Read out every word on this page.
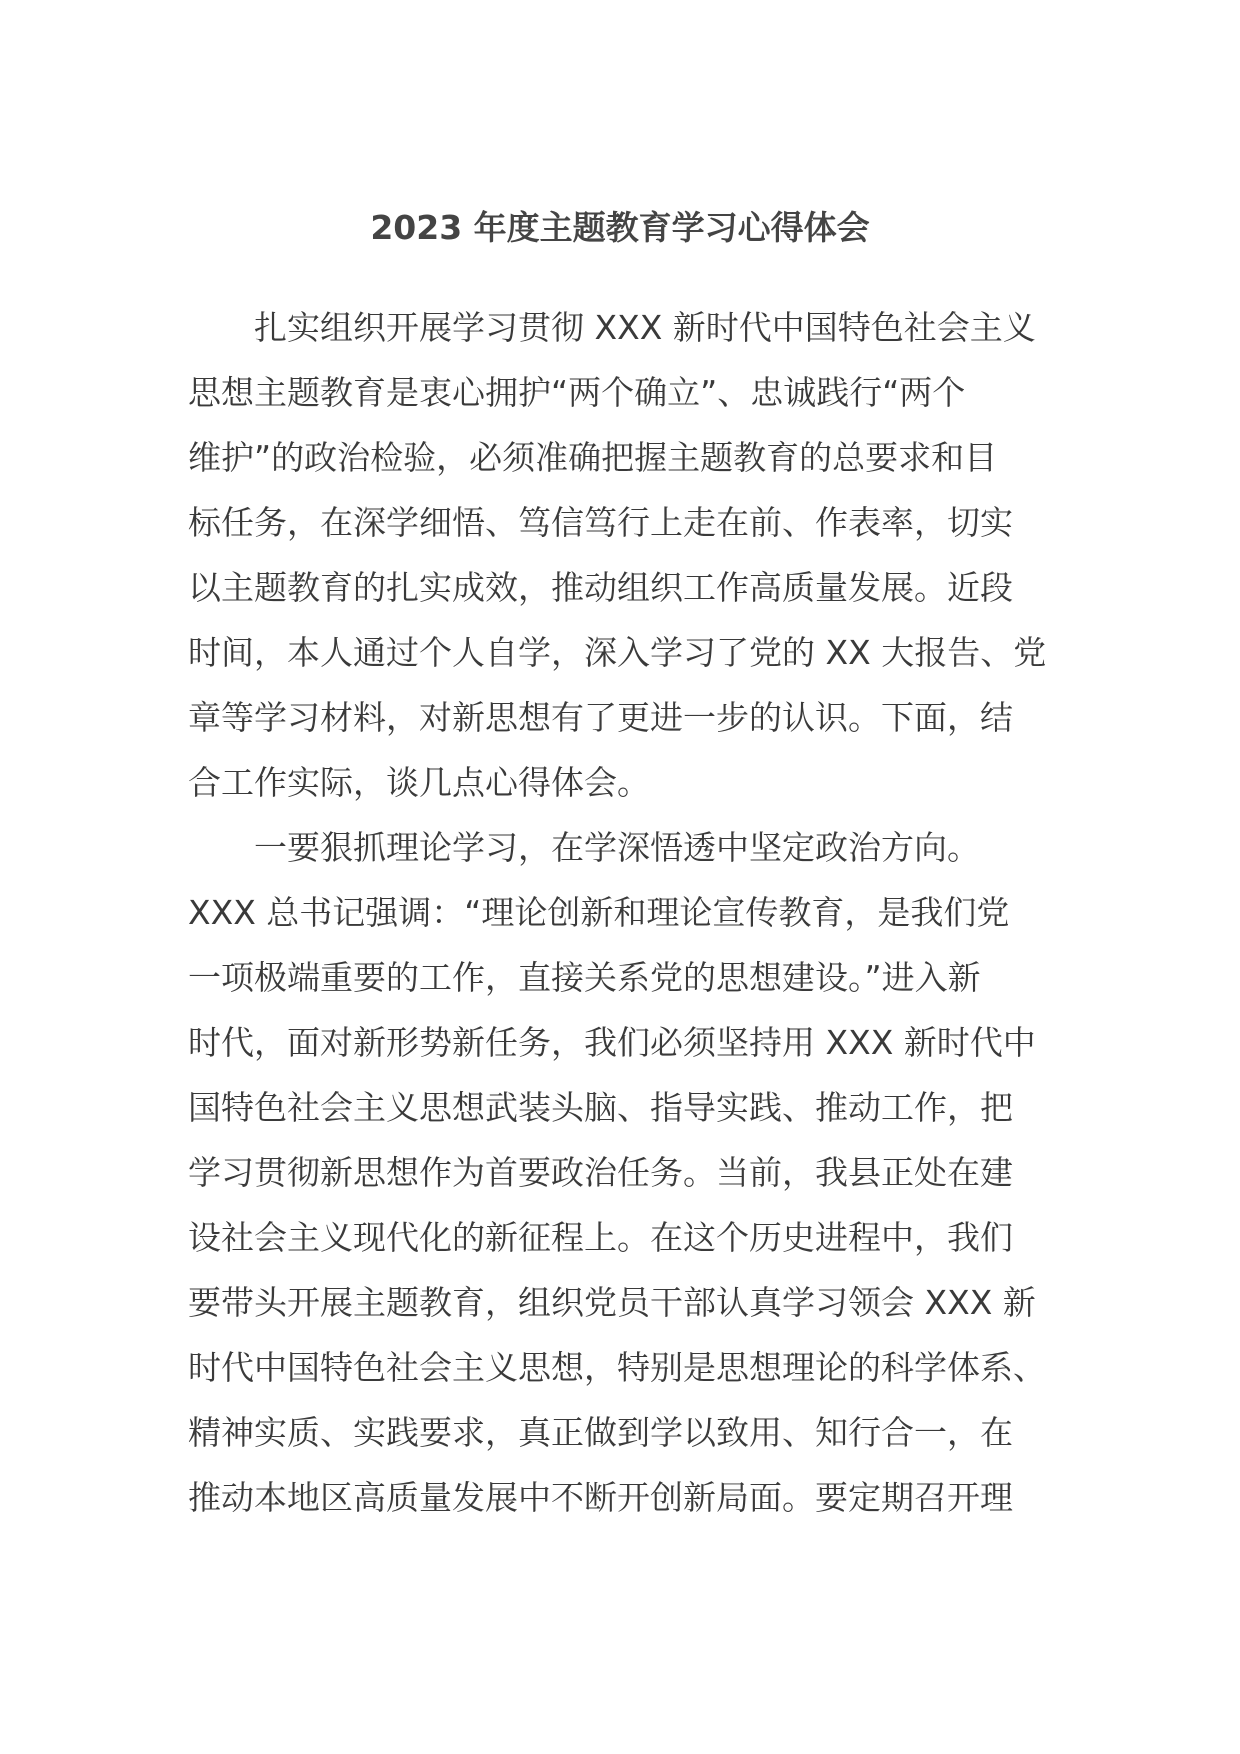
2023 年度主题教育学习心得体会
扎实组织开展学习贯彻 XXX 新时代中国特色社会主义
思想主题教育是衷心拥护“两个确立”、忠诚践行“两个
维护”的政治检验，必须准确把握主题教育的总要求和目
标任务，在深学细悟、笃信笃行上走在前、作表率，切实
以主题教育的扎实成效，推动组织工作高质量发展。近段
时间，本人通过个人自学，深入学习了党的 XX 大报告、党
章等学习材料，对新思想有了更进一步的认识。下面，结
合工作实际，谈几点心得体会。
一要狠抓理论学习，在学深悟透中坚定政治方向。
XXX 总书记强调：“理论创新和理论宣传教育，是我们党
一项极端重要的工作，直接关系党的思想建设。”进入新
时代，面对新形势新任务，我们必须坚持用 XXX 新时代中
国特色社会主义思想武装头脑、指导实践、推动工作，把
学习贯彻新思想作为首要政治任务。当前，我县正处在建
设社会主义现代化的新征程上。在这个历史进程中，我们
要带头开展主题教育，组织党员干部认真学习领会 XXX 新
时代中国特色社会主义思想，特别是思想理论的科学体系、
精神实质、实践要求，真正做到学以致用、知行合一，在
推动本地区高质量发展中不断开创新局面。要定期召开理
